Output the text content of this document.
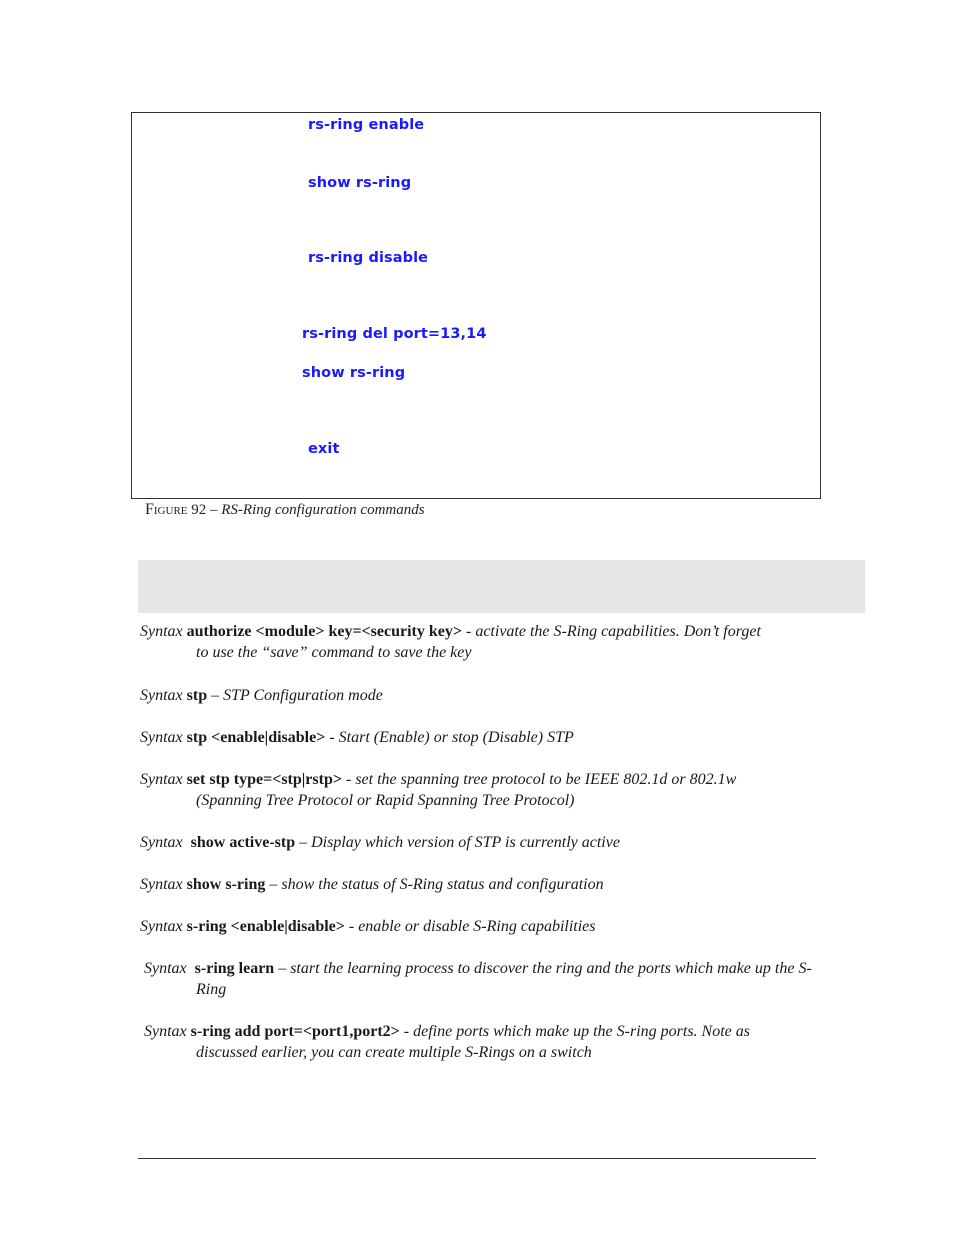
rs-ring enable
show rs-ring
rs-ring disable
rs-ring del port=13,14
show rs-ring
exit
Figure 92 – RS-Ring configuration commands
Syntax authorize <module> key=<security key> - activate the S-Ring capabilities. Don’t forget
to use the “save” command to save the key
Syntax stp – STP Configuration mode
Syntax stp <enable|disable> - Start (Enable) or stop (Disable) STP
Syntax set stp type=<stp|rstp> - set the spanning tree protocol to be IEEE 802.1d or 802.1w
(Spanning Tree Protocol or Rapid Spanning Tree Protocol)
Syntax show active-stp – Display which version of STP is currently active
Syntax show s-ring – show the status of S-Ring status and configuration
Syntax s-ring <enable|disable> - enable or disable S-Ring capabilities
Syntax s-ring learn – start the learning process to discover the ring and the ports which make up the S-
Ring
Syntax s-ring add port=<port1,port2> - define ports which make up the S-ring ports. Note as
discussed earlier, you can create multiple S-Rings on a switch
